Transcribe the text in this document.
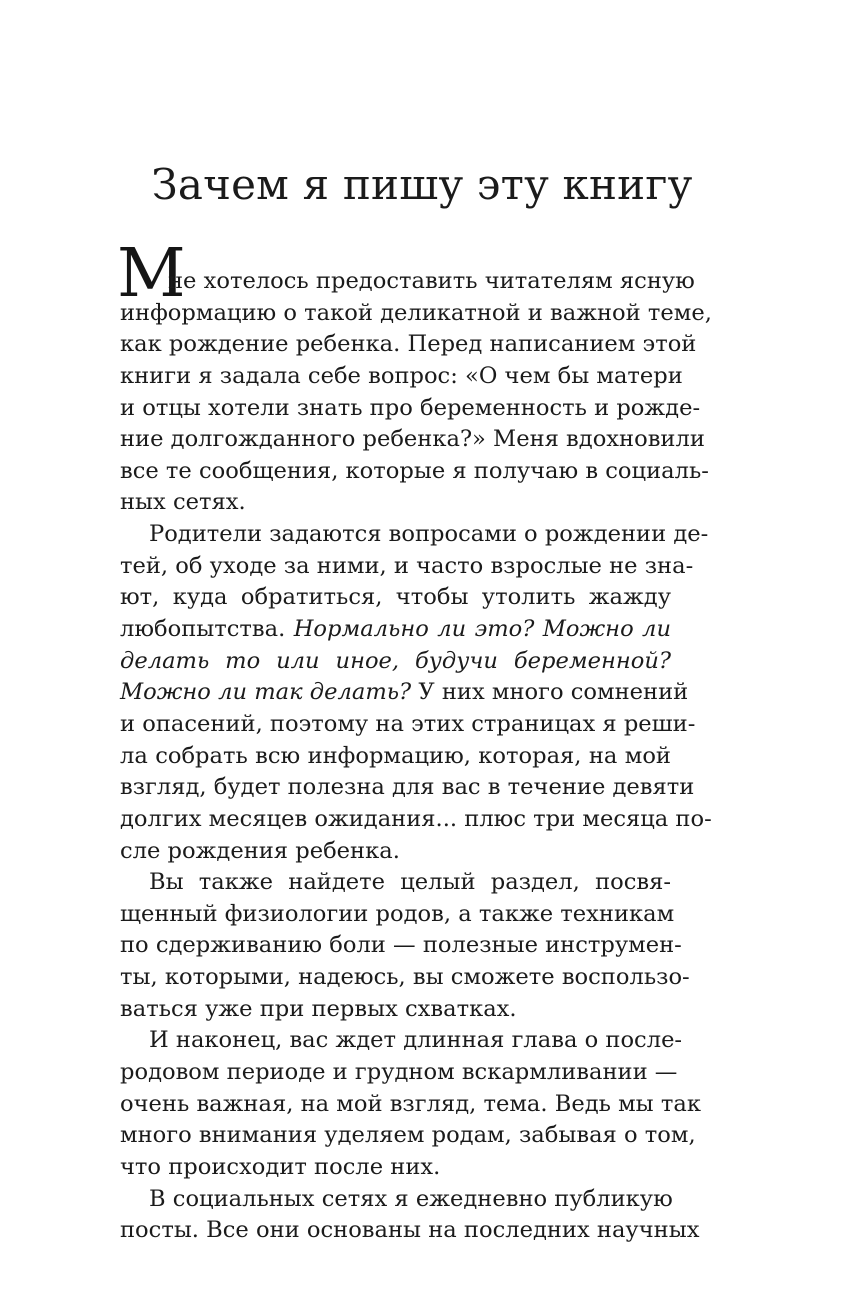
Зачем я пишу эту книгу
М
не хотелось предоставить читателям ясную
информацию о такой деликатной и важной теме,
как рождение ребенка. Перед написанием этой
книги я задала себе вопрос: «О чем бы матери
и отцы хотели знать про беременность и рожде-
ние долгожданного ребенка?» Меня вдохновили
все те сообщения, которые я получаю в социаль-
ных сетях.
Родители задаются вопросами о рождении де-
тей, об уходе за ними, и часто взрослые не зна-
ют, куда обратиться, чтобы утолить жажду
любопытства. Нормально ли это? Можно ли
делать то или иное, будучи беременной?
Можно ли так делать? У них много сомнений
и опасений, поэтому на этих страницах я реши-
ла собрать всю информацию, которая, на мой
взгляд, будет полезна для вас в течение девяти
долгих месяцев ожидания... плюс три месяца по-
сле рождения ребенка.
Вы также найдете целый раздел, посвя-
щенный физиологии родов, а также техникам
по сдерживанию боли — полезные инструмен-
ты, которыми, надеюсь, вы сможете воспользо-
ваться уже при первых схватках.
И наконец, вас ждет длинная глава о после-
родовом периоде и грудном вскармливании —
очень важная, на мой взгляд, тема. Ведь мы так
много внимания уделяем родам, забывая о том,
что происходит после них.
В социальных сетях я ежедневно публикую
посты. Все они основаны на последних научных
